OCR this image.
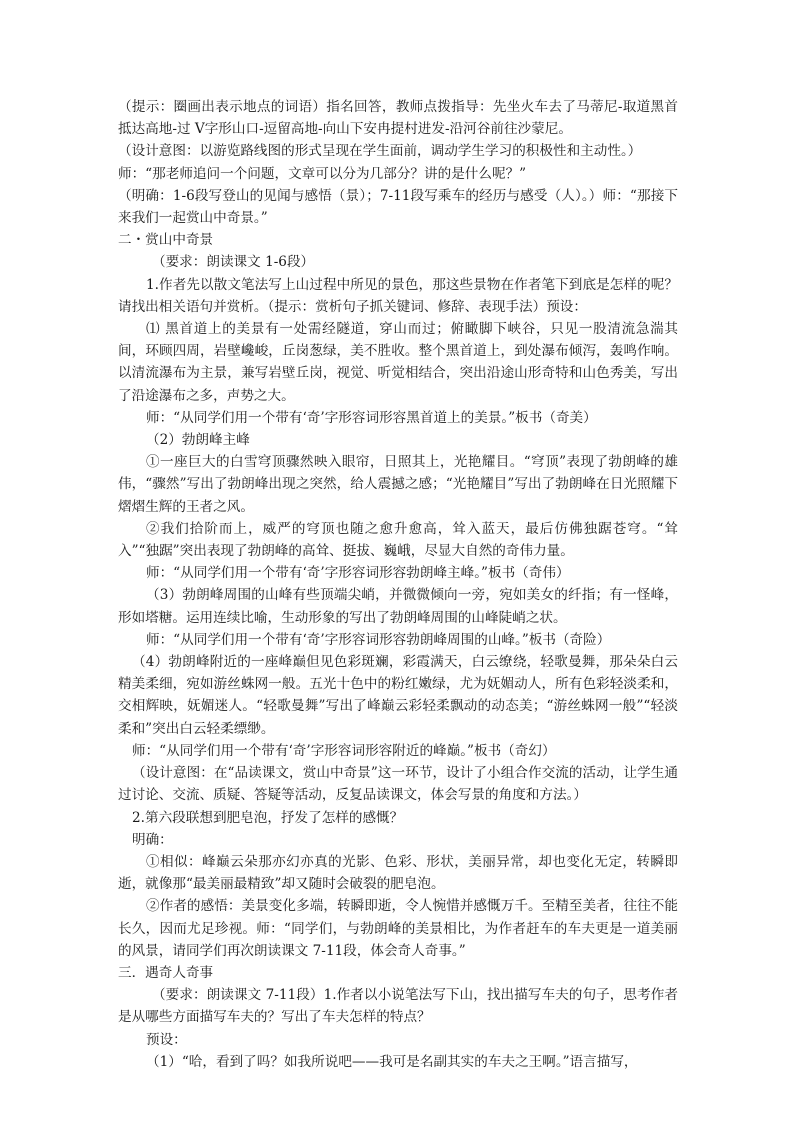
（提示：圈画出表示地点的词语）指名回答，教师点拨指导：先坐火车去了马蒂尼-取道黑首抵达高地-过 V字形山口-逗留高地-向山下安冉提村进发-沿河谷前往沙蒙尼。

（设计意图：以游览路线图的形式呈现在学生面前，调动学生学习的积极性和主动性。）

师：“那老师追问一个问题，文章可以分为几部分？讲的是什么呢？”

（明确：1-6段写登山的见闻与感悟（景）；7-11段写乘车的经历与感受（人）。）师：“那接下来我们一起赏山中奇景。”

二・赏山中奇景

（要求：朗读课文 1-6段）

1.作者先以散文笔法写上山过程中所见的景色，那这些景物在作者笔下到底是怎样的呢？请找出相关语句并赏析。（提示：赏析句子抓关键词、修辞、表现手法）预设：

⑴ 黑首道上的美景有一处需经隧道，穿山而过；俯瞰脚下峡谷，只见一股清流急湍其间，环顾四周，岩壁巉峻，丘岗葱绿，美不胜收。整个黑首道上，到处瀑布倾泻，轰鸣作响。以清流瀑布为主景，兼写岩壁丘岗，视觉、听觉相结合，突出沿途山形奇特和山色秀美，写出了沿途瀑布之多，声势之大。

师：“从同学们用一个带有‘奇’字形容词形容黑首道上的美景。”板书（奇美）

（2）勃朗峰主峰

①一座巨大的白雪穹顶骤然映入眼帘，日照其上，光艳耀目。“穹顶”表现了勃朗峰的雄伟，“骤然”写出了勃朗峰出现之突然，给人震撼之感；“光艳耀目”写出了勃朗峰在日光照耀下熠熠生辉的王者之风。

②我们拾阶而上，威严的穹顶也随之愈升愈高，耸入蓝天，最后仿佛独踞苍穹。“耸入”“独踞”突出表现了勃朗峰的高耸、挺拔、巍峨，尽显大自然的奇伟力量。

师：“从同学们用一个带有‘奇’字形容词形容勃朗峰主峰。”板书（奇伟）

（3）勃朗峰周围的山峰有些顶端尖峭，并微微倾向一旁，宛如美女的纤指；有一怪峰，形如塔糖。运用连续比喻，生动形象的写出了勃朗峰周围的山峰陡峭之状。

师：“从同学们用一个带有‘奇’字形容词形容勃朗峰周围的山峰。”板书（奇险）

（4）勃朗峰附近的一座峰巅但见色彩斑斓，彩霞满天，白云缭绕，轻歌曼舞，那朵朵白云精美柔细，宛如游丝蛛网一般。五光十色中的粉红嫩绿，尤为妩媚动人，所有色彩轻淡柔和，交相辉映，妩媚迷人。“轻歌曼舞”写出了峰巅云彩轻柔飘动的动态美；“游丝蛛网一般”“轻淡柔和”突出白云轻柔缥缈。

师：“从同学们用一个带有‘奇’字形容词形容附近的峰巅。”板书（奇幻）

（设计意图：在“品读课文，赏山中奇景”这一环节，设计了小组合作交流的活动，让学生通过讨论、交流、质疑、答疑等活动，反复品读课文，体会写景的角度和方法。）

2.第六段联想到肥皂泡，抒发了怎样的感慨？

明确：

①相似：峰巅云朵那亦幻亦真的光影、色彩、形状，美丽异常，却也变化无定，转瞬即逝，就像那“最美丽最精致”却又随时会破裂的肥皂泡。

②作者的感悟：美景变化多端，转瞬即逝，令人惋惜并感慨万千。至精至美者，往往不能长久，因而尤足珍视。师：“同学们，与勃朗峰的美景相比，为作者赶车的车夫更是一道美丽的风景，请同学们再次朗读课文 7-11段，体会奇人奇事。”

三．遇奇人奇事

（要求：朗读课文 7-11段）1.作者以小说笔法写下山，找出描写车夫的句子，思考作者是从哪些方面描写车夫的？写出了车夫怎样的特点？

预设：

（1）“哈，看到了吗？如我所说吧——我可是名副其实的车夫之王啊。”语言描写，
